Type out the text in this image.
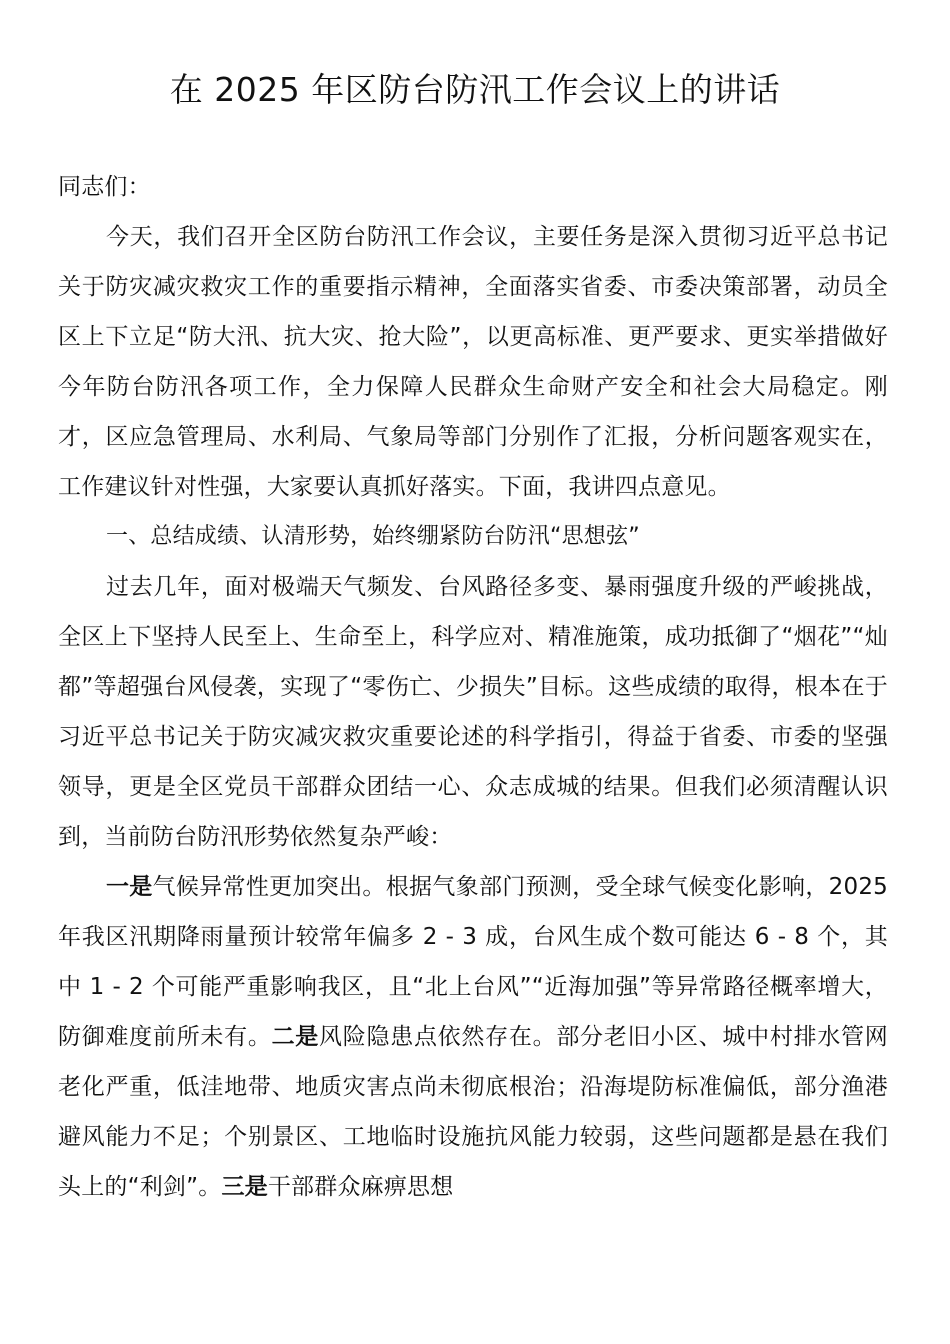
在 2025 年区防台防汛工作会议上的讲话

同志们：

今天，我们召开全区防台防汛工作会议，主要任务是深入贯彻习近平总书记关于防灾减灾救灾工作的重要指示精神，全面落实省委、市委决策部署，动员全区上下立足“防大汛、抗大灾、抢大险”，以更高标准、更严要求、更实举措做好今年防台防汛各项工作，全力保障人民群众生命财产安全和社会大局稳定。刚才，区应急管理局、水利局、气象局等部门分别作了汇报，分析问题客观实在，工作建议针对性强，大家要认真抓好落实。下面，我讲四点意见。

一、总结成绩、认清形势，始终绷紧防台防汛“思想弦”

过去几年，面对极端天气频发、台风路径多变、暴雨强度升级的严峻挑战，全区上下坚持人民至上、生命至上，科学应对、精准施策，成功抵御了“烟花”“灿都”等超强台风侵袭，实现了“零伤亡、少损失”目标。这些成绩的取得，根本在于习近平总书记关于防灾减灾救灾重要论述的科学指引，得益于省委、市委的坚强领导，更是全区党员干部群众团结一心、众志成城的结果。但我们必须清醒认识到，当前防台防汛形势依然复杂严峻：

一是气候异常性更加突出。根据气象部门预测，受全球气候变化影响，2025 年我区汛期降雨量预计较常年偏多 2 - 3 成，台风生成个数可能达 6 - 8 个，其中 1 - 2 个可能严重影响我区，且“北上台风”“近海加强”等异常路径概率增大，防御难度前所未有。二是风险隐患点依然存在。部分老旧小区、城中村排水管网老化严重，低洼地带、地质灾害点尚未彻底根治；沿海堤防标准偏低，部分渔港避风能力不足；个别景区、工地临时设施抗风能力较弱，这些问题都是悬在我们头上的“利剑”。三是干部群众麻痹思想
